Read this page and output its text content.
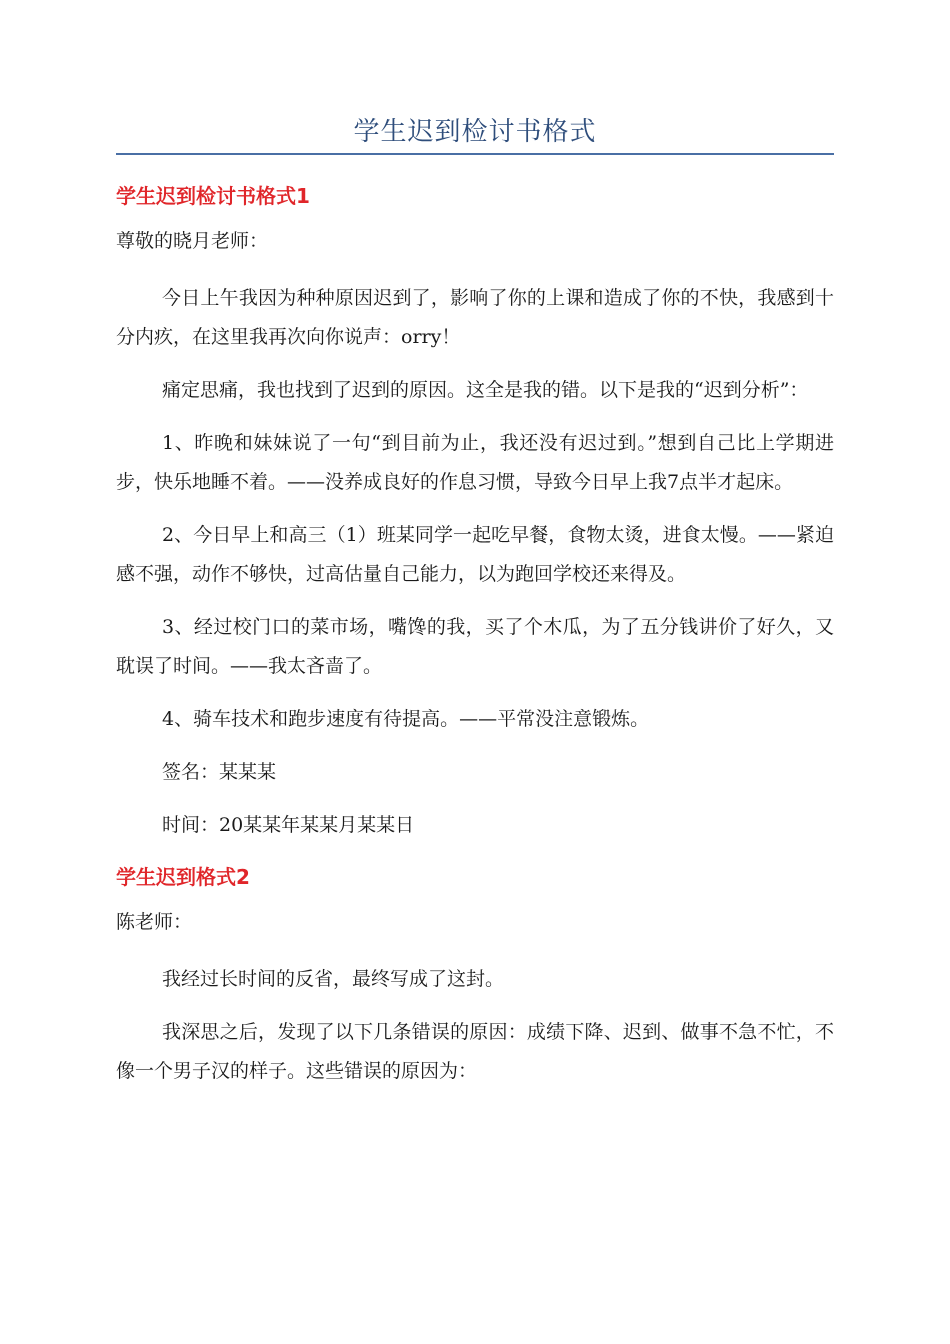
学生迟到检讨书格式
学生迟到检讨书格式1
尊敬的晓月老师：
今日上午我因为种种原因迟到了，影响了你的上课和造成了你的不快，我感到十分内疚，在这里我再次向你说声：orry！
痛定思痛，我也找到了迟到的原因。这全是我的错。以下是我的“迟到分析”：
1、昨晚和妹妹说了一句“到目前为止，我还没有迟过到。”想到自己比上学期进步，快乐地睡不着。——没养成良好的作息习惯，导致今日早上我7点半才起床。
2、今日早上和高三（1）班某同学一起吃早餐，食物太烫，进食太慢。——紧迫感不强，动作不够快，过高估量自己能力，以为跑回学校还来得及。
3、经过校门口的菜市场，嘴馋的我，买了个木瓜，为了五分钱讲价了好久，又耽误了时间。——我太吝啬了。
4、骑车技术和跑步速度有待提高。——平常没注意锻炼。
签名：某某某
时间：20某某年某某月某某日
学生迟到格式2
陈老师：
我经过长时间的反省，最终写成了这封。
我深思之后，发现了以下几条错误的原因：成绩下降、迟到、做事不急不忙，不像一个男子汉的样子。这些错误的原因为：
